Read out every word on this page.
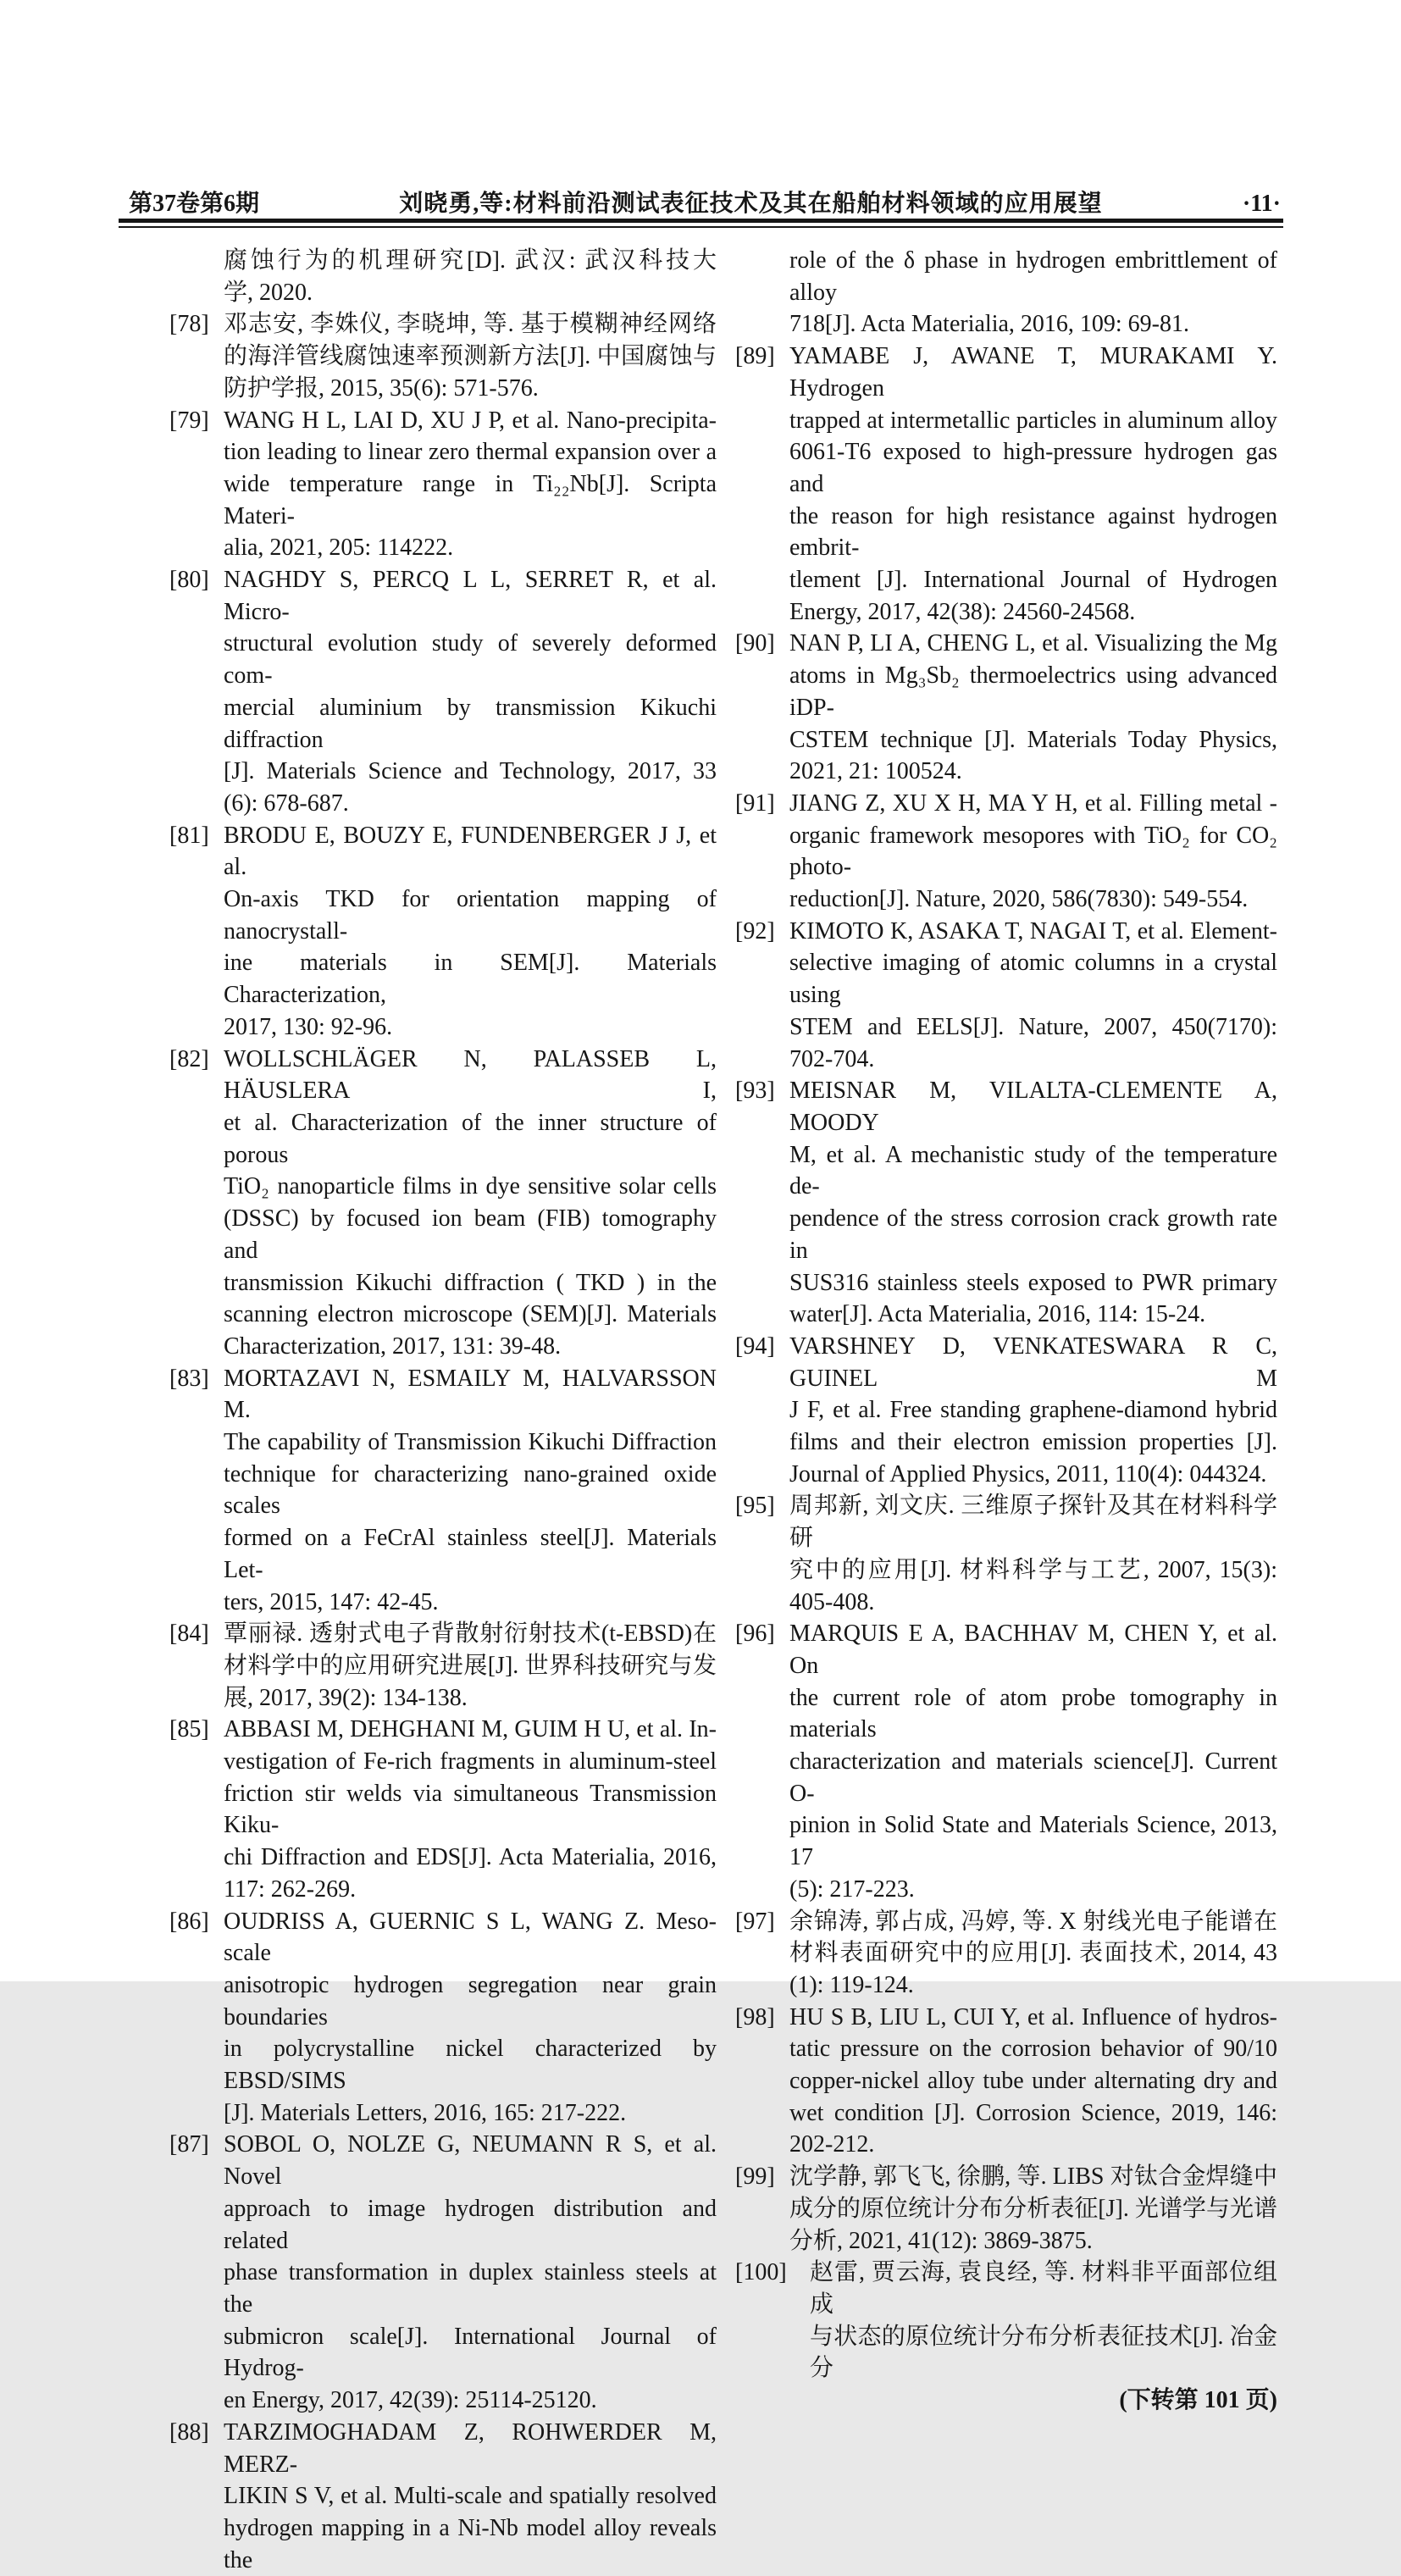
第37卷第6期	刘晓勇,等:材料前沿测试表征技术及其在船舶材料领域的应用展望	·11·
腐蚀行为的机理研究[D]. 武汉: 武汉科技大
学, 2020.
[78] 邓志安, 李姝仪, 李晓坤, 等. 基于模糊神经网络
的海洋管线腐蚀速率预测新方法[J]. 中国腐蚀与
防护学报, 2015, 35(6): 571-576.
[79] WANG H L, LAI D, XU J P, et al. Nano-precipita-
tion leading to linear zero thermal expansion over a
wide temperature range in Ti₂₂Nb[J]. Scripta Materi-
alia, 2021, 205: 114222.
[80] NAGHDY S, PERCQ L L, SERRET R, et al. Micro-
structural evolution study of severely deformed com-
mercial aluminium by transmission Kikuchi diffraction
[J]. Materials Science and Technology, 2017, 33
(6): 678-687.
[81] BRODU E, BOUZY E, FUNDENBERGER J J, et al.
On-axis TKD for orientation mapping of nanocrystall-
ine materials in SEM[J]. Materials Characterization,
2017, 130: 92-96.
[82] WOLLSCHLÄGER N, PALASSEB L, HÄUSLERA I,
et al. Characterization of the inner structure of porous
TiO₂ nanoparticle films in dye sensitive solar cells
(DSSC) by focused ion beam (FIB) tomography and
transmission Kikuchi diffraction ( TKD ) in the
scanning electron microscope (SEM)[J]. Materials
Characterization, 2017, 131: 39-48.
[83] MORTAZAVI N, ESMAILY M, HALVARSSON M.
The capability of Transmission Kikuchi Diffraction
technique for characterizing nano-grained oxide scales
formed on a FeCrAl stainless steel[J]. Materials Let-
ters, 2015, 147: 42-45.
[84] 覃丽禄. 透射式电子背散射衍射技术(t-EBSD)在
材料学中的应用研究进展[J]. 世界科技研究与发
展, 2017, 39(2): 134-138.
[85] ABBASI M, DEHGHANI M, GUIM H U, et al. In-
vestigation of Fe-rich fragments in aluminum-steel
friction stir welds via simultaneous Transmission Kiku-
chi Diffraction and EDS[J]. Acta Materialia, 2016,
117: 262-269.
[86] OUDRISS A, GUERNIC S L, WANG Z. Meso-scale
anisotropic hydrogen segregation near grain boundaries
in polycrystalline nickel characterized by EBSD/SIMS
[J]. Materials Letters, 2016, 165: 217-222.
[87] SOBOL O, NOLZE G, NEUMANN R S, et al. Novel
approach to image hydrogen distribution and related
phase transformation in duplex stainless steels at the
submicron scale[J]. International Journal of Hydrog-
en Energy, 2017, 42(39): 25114-25120.
[88] TARZIMOGHADAM Z, ROHWERDER M, MERZ-
LIKIN S V, et al. Multi-scale and spatially resolved
hydrogen mapping in a Ni-Nb model alloy reveals the
role of the δ phase in hydrogen embrittlement of alloy
718[J]. Acta Materialia, 2016, 109: 69-81.
[89] YAMABE J, AWANE T, MURAKAMI Y. Hydrogen
trapped at intermetallic particles in aluminum alloy
6061-T6 exposed to high-pressure hydrogen gas and
the reason for high resistance against hydrogen embrit-
tlement [J]. International Journal of Hydrogen
Energy, 2017, 42(38): 24560-24568.
[90] NAN P, LI A, CHENG L, et al. Visualizing the Mg
atoms in Mg₃Sb₂ thermoelectrics using advanced iDP-
CSTEM technique [J]. Materials Today Physics,
2021, 21: 100524.
[91] JIANG Z, XU X H, MA Y H, et al. Filling metal -
organic framework mesopores with TiO₂ for CO₂ photo-
reduction[J]. Nature, 2020, 586(7830): 549-554.
[92] KIMOTO K, ASAKA T, NAGAI T, et al. Element-
selective imaging of atomic columns in a crystal using
STEM and EELS[J]. Nature, 2007, 450(7170):
702-704.
[93] MEISNAR M, VILALTA-CLEMENTE A, MOODY
M, et al. A mechanistic study of the temperature de-
pendence of the stress corrosion crack growth rate in
SUS316 stainless steels exposed to PWR primary
water[J]. Acta Materialia, 2016, 114: 15-24.
[94] VARSHNEY D, VENKATESWARA R C, GUINEL M
J F, et al. Free standing graphene-diamond hybrid
films and their electron emission properties [J].
Journal of Applied Physics, 2011, 110(4): 044324.
[95] 周邦新, 刘文庆. 三维原子探针及其在材料科学研
究中的应用[J]. 材料科学与工艺, 2007, 15(3):
405-408.
[96] MARQUIS E A, BACHHAV M, CHEN Y, et al. On
the current role of atom probe tomography in materials
characterization and materials science[J]. Current O-
pinion in Solid State and Materials Science, 2013, 17
(5): 217-223.
[97] 余锦涛, 郭占成, 冯婷, 等. X 射线光电子能谱在
材料表面研究中的应用[J]. 表面技术, 2014, 43
(1): 119-124.
[98] HU S B, LIU L, CUI Y, et al. Influence of hydros-
tatic pressure on the corrosion behavior of 90/10
copper-nickel alloy tube under alternating dry and
wet condition [J]. Corrosion Science, 2019, 146:
202-212.
[99] 沈学静, 郭飞飞, 徐鹏, 等. LIBS 对钛合金焊缝中
成分的原位统计分布分析表征[J]. 光谱学与光谱
分析, 2021, 41(12): 3869-3875.
[100] 赵雷, 贾云海, 袁良经, 等. 材料非平面部位组成
与状态的原位统计分布分析表征技术[J]. 冶金分
(下转第 101 页)
